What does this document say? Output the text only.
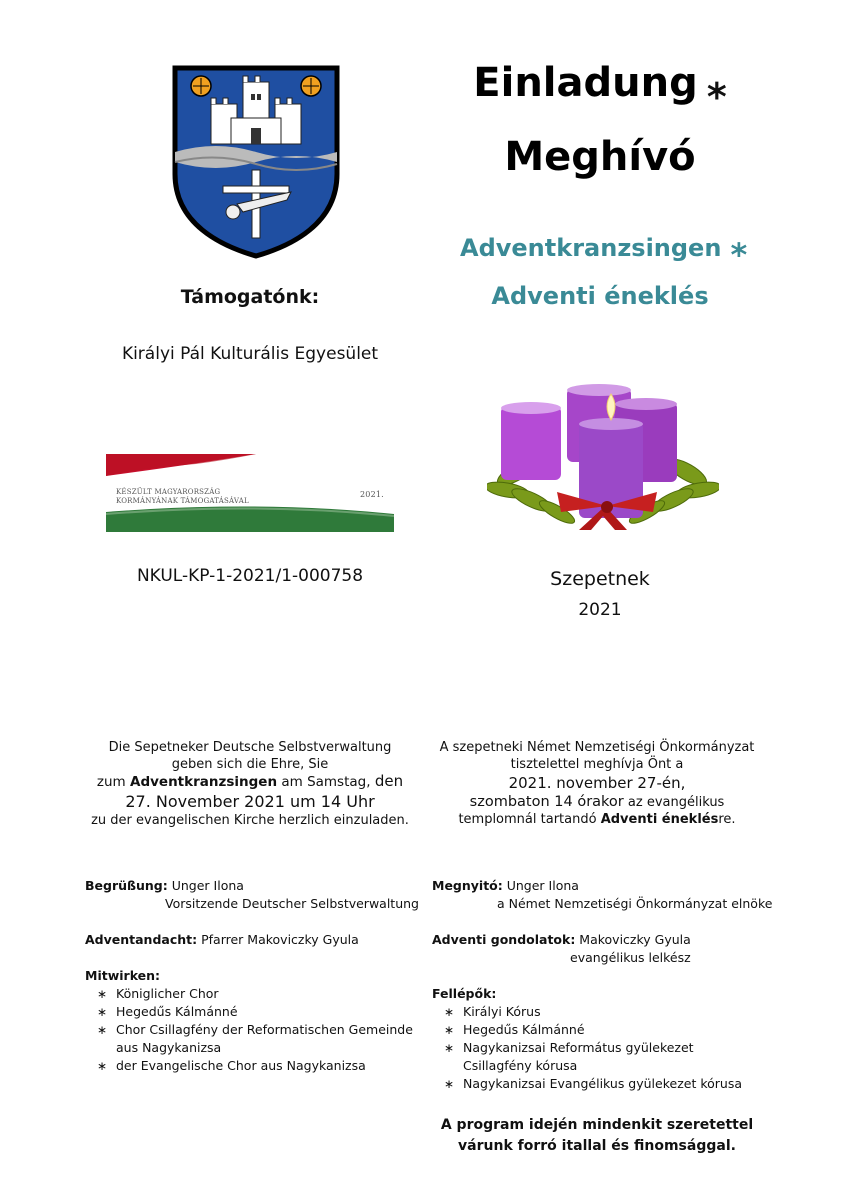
Einladung *
Meghívó
Adventkranzsingen *
Adventi éneklés
Támogatónk:
Királyi Pál Kulturális Egyesület
KÉSZÜLT MAGYARORSZÁG
KORMÁNYÁNAK TÁMOGATÁSÁVAL
2021.
NKUL-KP-1-2021/1-000758	Szepetnek
2021
Die Sepetneker Deutsche Selbstverwaltung
geben sich die Ehre, Sie
zum Adventkranzsingen am Samstag, den
27. November 2021 um 14 Uhr
zu der evangelischen Kirche herzlich einzuladen.
A szepetneki Német Nemzetiségi Önkormányzat
tisztelettel meghívja Önt a
2021. november 27-én,
szombaton 14 órakor az evangélikus
templomnál tartandó Adventi éneklésre.
Begrüßung: Unger Ilona
Vorsitzende Deutscher Selbstverwaltung
Adventandacht: Pfarrer Makoviczky Gyula
Mitwirken:
∗ Königlicher Chor
∗ Hegedűs Kálmánné
∗ Chor Csillagfény der Reformatischen Gemeinde aus Nagykanizsa
∗ der Evangelische Chor aus Nagykanizsa
Megnyitó: Unger Ilona
a Német Nemzetiségi Önkormányzat elnöke
Adventi gondolatok: Makoviczky Gyula
evangélikus lelkész
Fellépők:
∗ Királyi Kórus
∗ Hegedűs Kálmánné
∗ Nagykanizsai Református gyülekezet Csillagfény kórusa
∗ Nagykanizsai Evangélikus gyülekezet kórusa
A program idején mindenkit szeretettel
várunk forró itallal és finomsággal.
